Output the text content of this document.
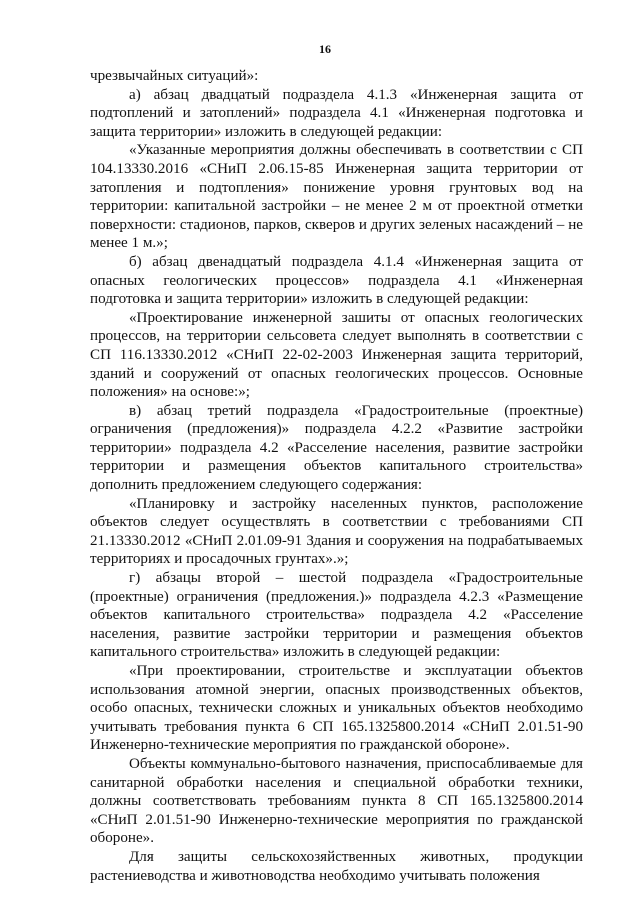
16

чрезвычайных ситуаций»:

а) абзац двадцатый подраздела 4.1.3 «Инженерная защита от подтоплений и затоплений» подраздела 4.1 «Инженерная подготовка и защита территории» изложить в следующей редакции:

«Указанные мероприятия должны обеспечивать в соответствии с СП 104.13330.2016 «СНиП 2.06.15-85 Инженерная защита территории от затопления и подтопления» понижение уровня грунтовых вод на территории: капитальной застройки – не менее 2 м от проектной отметки поверхности: стадионов, парков, скверов и других зеленых насаждений – не менее 1 м.»;

б) абзац двенадцатый подраздела 4.1.4 «Инженерная защита от опасных геологических процессов» подраздела 4.1 «Инженерная подготовка и защита территории» изложить в следующей редакции:

«Проектирование инженерной зашиты от опасных геологических процессов, на территории сельсовета следует выполнять в соответствии с СП 116.13330.2012 «СНиП 22-02-2003 Инженерная защита территорий, зданий и сооружений от опасных геологических процессов. Основные положения» на основе:»;

в) абзац третий подраздела «Градостроительные (проектные) ограничения (предложения)» подраздела 4.2.2 «Развитие застройки территории» подраздела 4.2 «Расселение населения, развитие застройки территории и размещения объектов капитального строительства» дополнить предложением следующего содержания:

«Планировку и застройку населенных пунктов, расположение объектов следует осуществлять в соответствии с требованиями СП 21.13330.2012 «СНиП 2.01.09-91 Здания и сооружения на подрабатываемых территориях и просадочных грунтах».»;

г) абзацы второй – шестой подраздела «Градостроительные (проектные) ограничения (предложения.)» подраздела 4.2.3 «Размещение объектов капитального строительства» подраздела 4.2 «Расселение населения, развитие застройки территории и размещения объектов капитального строительства» изложить в следующей редакции:

«При проектировании, строительстве и эксплуатации объектов использования атомной энергии, опасных производственных объектов, особо опасных, технически сложных и уникальных объектов необходимо учитывать требования пункта 6 СП 165.1325800.2014 «СНиП 2.01.51-90 Инженерно-технические мероприятия по гражданской обороне».

Объекты коммунально-бытового назначения, приспосабливаемые для санитарной обработки населения и специальной обработки техники, должны соответствовать требованиям пункта 8 СП 165.1325800.2014 «СНиП 2.01.51-90 Инженерно-технические мероприятия по гражданской обороне».

Для защиты сельскохозяйственных животных, продукции растениеводства и животноводства необходимо учитывать положения
